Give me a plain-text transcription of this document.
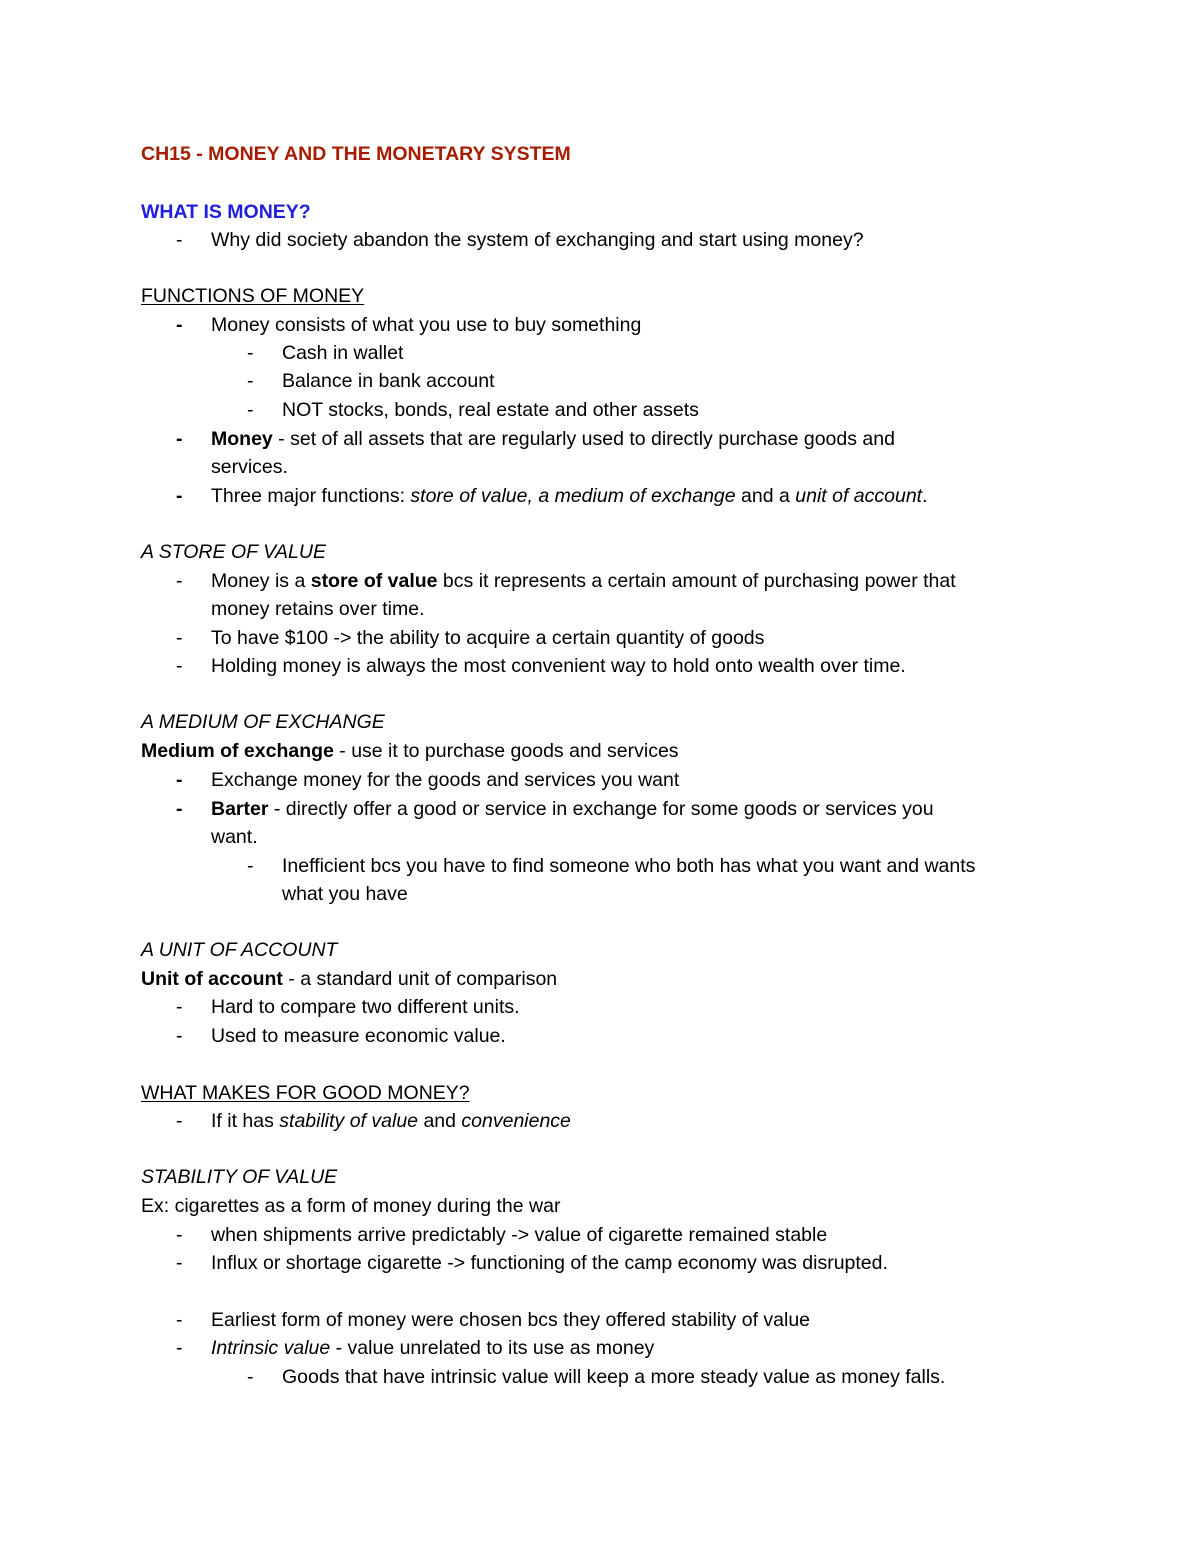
CH15 - MONEY AND THE MONETARY SYSTEM
WHAT IS MONEY?
- Why did society abandon the system of exchanging and start using money?
FUNCTIONS OF MONEY
- Money consists of what you use to buy something
- Cash in wallet
- Balance in bank account
- NOT stocks, bonds, real estate and other assets
- Money - set of all assets that are regularly used to directly purchase goods and
services.
- Three major functions: store of value, a medium of exchange and a unit of account.
A STORE OF VALUE
- Money is a store of value bcs it represents a certain amount of purchasing power that
money retains over time.
- To have $100 -> the ability to acquire a certain quantity of goods
- Holding money is always the most convenient way to hold onto wealth over time.
A MEDIUM OF EXCHANGE
Medium of exchange - use it to purchase goods and services
- Exchange money for the goods and services you want
- Barter - directly offer a good or service in exchange for some goods or services you
want.
- Inefficient bcs you have to find someone who both has what you want and wants
what you have
A UNIT OF ACCOUNT
Unit of account - a standard unit of comparison
- Hard to compare two different units.
- Used to measure economic value.
WHAT MAKES FOR GOOD MONEY?
- If it has stability of value and convenience
STABILITY OF VALUE
Ex: cigarettes as a form of money during the war
- when shipments arrive predictably -> value of cigarette remained stable
- Influx or shortage cigarette -> functioning of the camp economy was disrupted.
- Earliest form of money were chosen bcs they offered stability of value
- Intrinsic value - value unrelated to its use as money
- Goods that have intrinsic value will keep a more steady value as money falls.
